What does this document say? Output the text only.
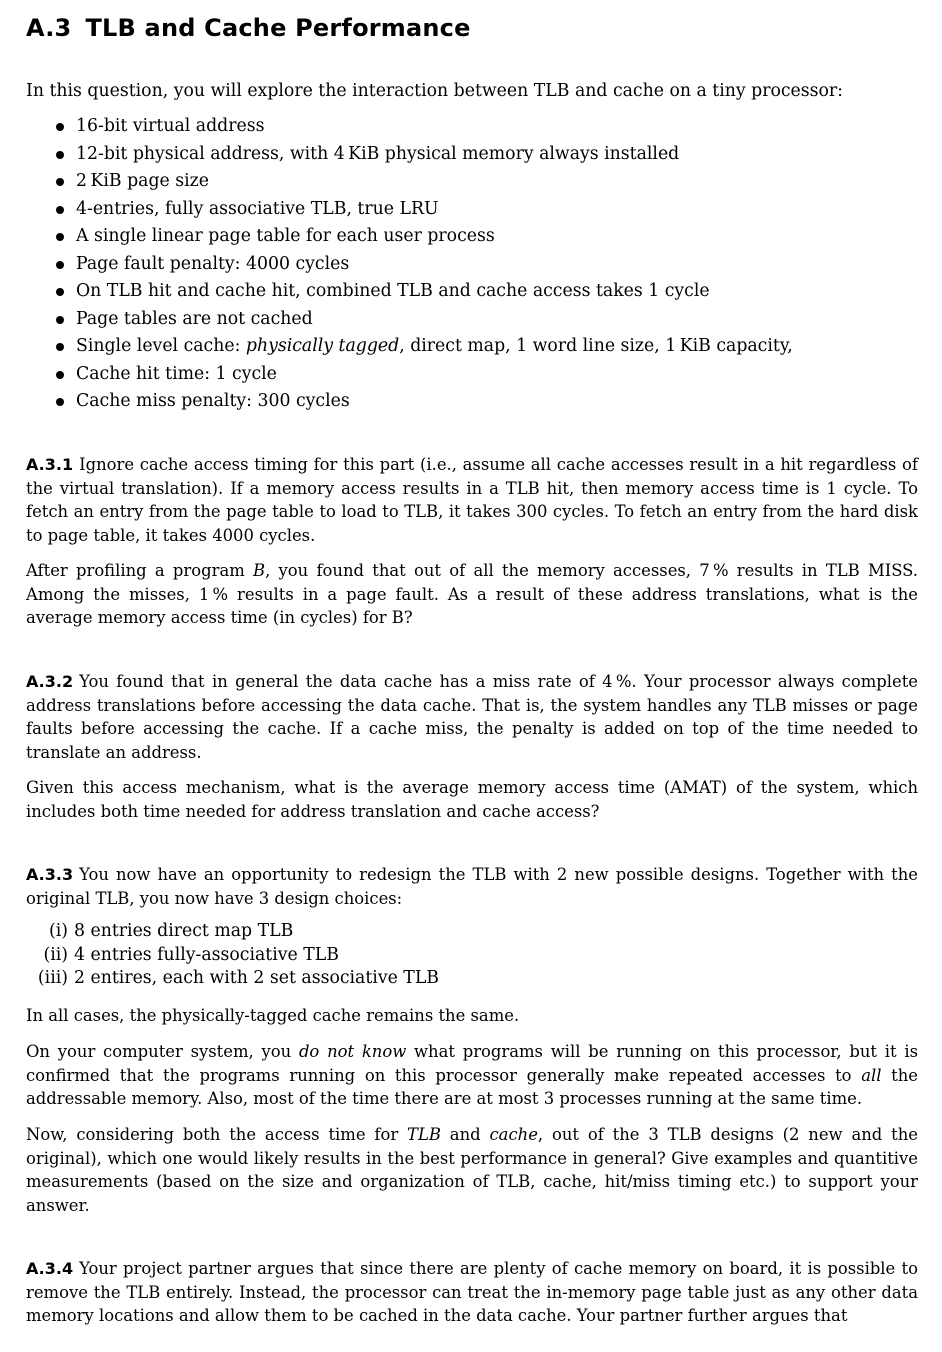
A.3 TLB and Cache Performance

In this question, you will explore the interaction between TLB and cache on a tiny processor:

16-bit virtual address
12-bit physical address, with 4 KiB physical memory always installed
2 KiB page size
4-entries, fully associative TLB, true LRU
A single linear page table for each user process
Page fault penalty: 4000 cycles
On TLB hit and cache hit, combined TLB and cache access takes 1 cycle
Page tables are not cached
Single level cache: physically tagged, direct map, 1 word line size, 1 KiB capacity,
Cache hit time: 1 cycle
Cache miss penalty: 300 cycles

A.3.1 Ignore cache access timing for this part (i.e., assume all cache accesses result in a hit regardless of the virtual translation). If a memory access results in a TLB hit, then memory access time is 1 cycle. To fetch an entry from the page table to load to TLB, it takes 300 cycles. To fetch an entry from the hard disk to page table, it takes 4000 cycles.

After profiling a program B, you found that out of all the memory accesses, 7 % results in TLB MISS. Among the misses, 1 % results in a page fault. As a result of these address translations, what is the average memory access time (in cycles) for B?

A.3.2 You found that in general the data cache has a miss rate of 4 %. Your processor always complete address translations before accessing the data cache. That is, the system handles any TLB misses or page faults before accessing the cache. If a cache miss, the penalty is added on top of the time needed to translate an address.

Given this access mechanism, what is the average memory access time (AMAT) of the system, which includes both time needed for address translation and cache access?

A.3.3 You now have an opportunity to redesign the TLB with 2 new possible designs. Together with the original TLB, you now have 3 design choices:

(i) 8 entries direct map TLB
(ii) 4 entries fully-associative TLB
(iii) 2 entires, each with 2 set associative TLB

In all cases, the physically-tagged cache remains the same.

On your computer system, you do not know what programs will be running on this processor, but it is confirmed that the programs running on this processor generally make repeated accesses to all the addressable memory. Also, most of the time there are at most 3 processes running at the same time.

Now, considering both the access time for TLB and cache, out of the 3 TLB designs (2 new and the original), which one would likely results in the best performance in general? Give examples and quantitive measurements (based on the size and organization of TLB, cache, hit/miss timing etc.) to support your answer.

A.3.4 Your project partner argues that since there are plenty of cache memory on board, it is possible to remove the TLB entirely. Instead, the processor can treat the in-memory page table just as any other data memory locations and allow them to be cached in the data cache. Your partner further argues that
